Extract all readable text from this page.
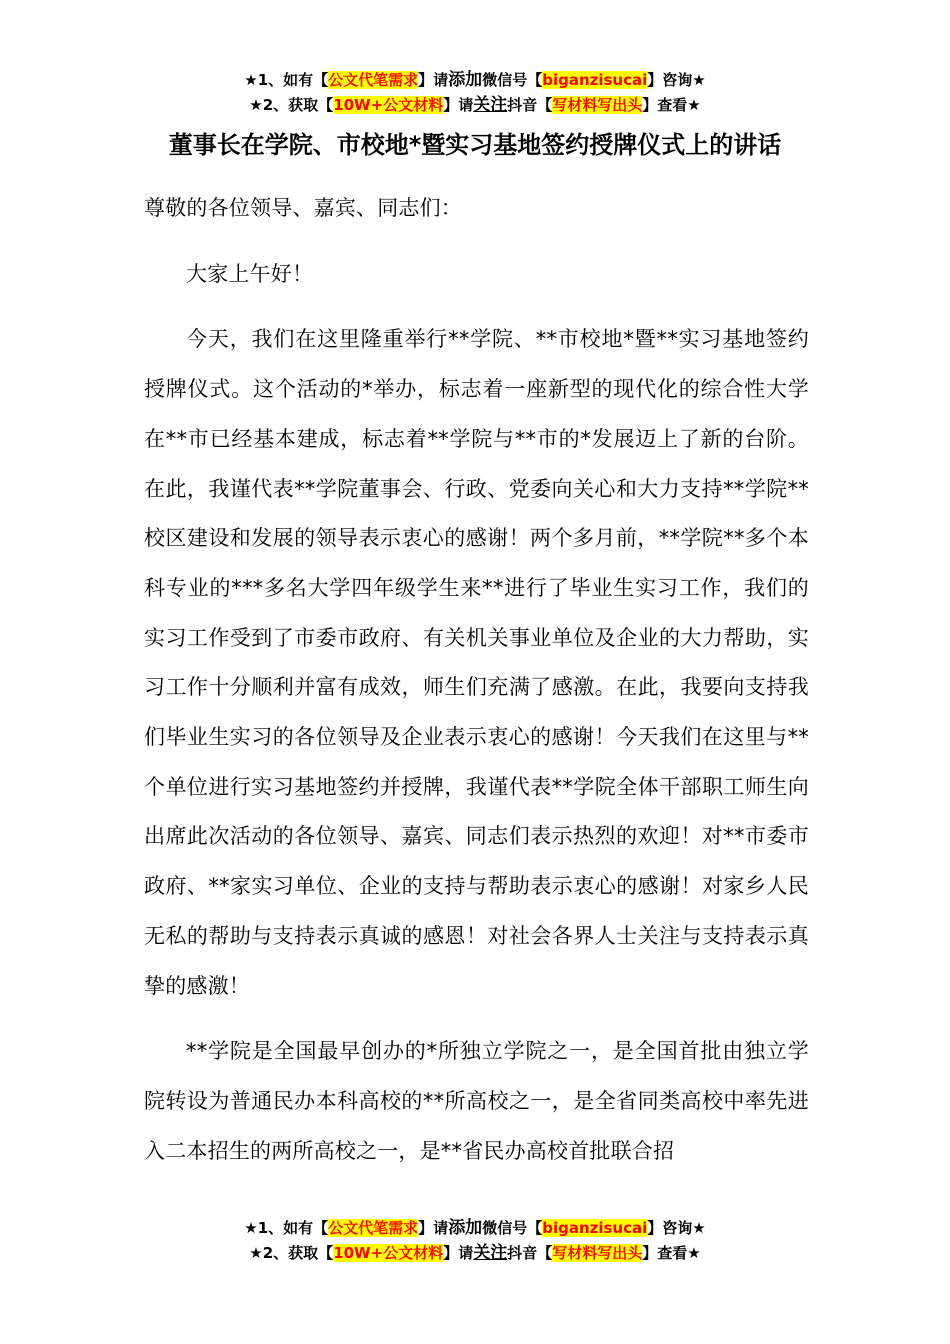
★1、如有【公文代笔需求】请添加微信号【biganzisucai】咨询★
★2、获取【10W+公文材料】请关注抖音【写材料写出头】查看★
董事长在学院、市校地*暨实习基地签约授牌仪式上的讲话

尊敬的各位领导、嘉宾、同志们：

大家上午好！

今天，我们在这里隆重举行**学院、**市校地*暨**实习基地签约授牌仪式。这个活动的*举办，标志着一座新型的现代化的综合性大学在**市已经基本建成，标志着**学院与**市的*发展迈上了新的台阶。在此，我谨代表**学院董事会、行政、党委向关心和大力支持**学院**校区建设和发展的领导表示衷心的感谢！两个多月前，**学院**多个本科专业的***多名大学四年级学生来**进行了毕业生实习工作，我们的实习工作受到了市委市政府、有关机关事业单位及企业的大力帮助，实习工作十分顺利并富有成效，师生们充满了感激。在此，我要向支持我们毕业生实习的各位领导及企业表示衷心的感谢！今天我们在这里与**个单位进行实习基地签约并授牌，我谨代表**学院全体干部职工师生向出席此次活动的各位领导、嘉宾、同志们表示热烈的欢迎！对**市委市政府、**家实习单位、企业的支持与帮助表示衷心的感谢！对家乡人民无私的帮助与支持表示真诚的感恩！对社会各界人士关注与支持表示真挚的感激！

**学院是全国最早创办的*所独立学院之一，是全国首批由独立学院转设为普通民办本科高校的**所高校之一，是全省同类高校中率先进入二本招生的两所高校之一，是**省民办高校首批联合招

★1、如有【公文代笔需求】请添加微信号【biganzisucai】咨询★
★2、获取【10W+公文材料】请关注抖音【写材料写出头】查看★
